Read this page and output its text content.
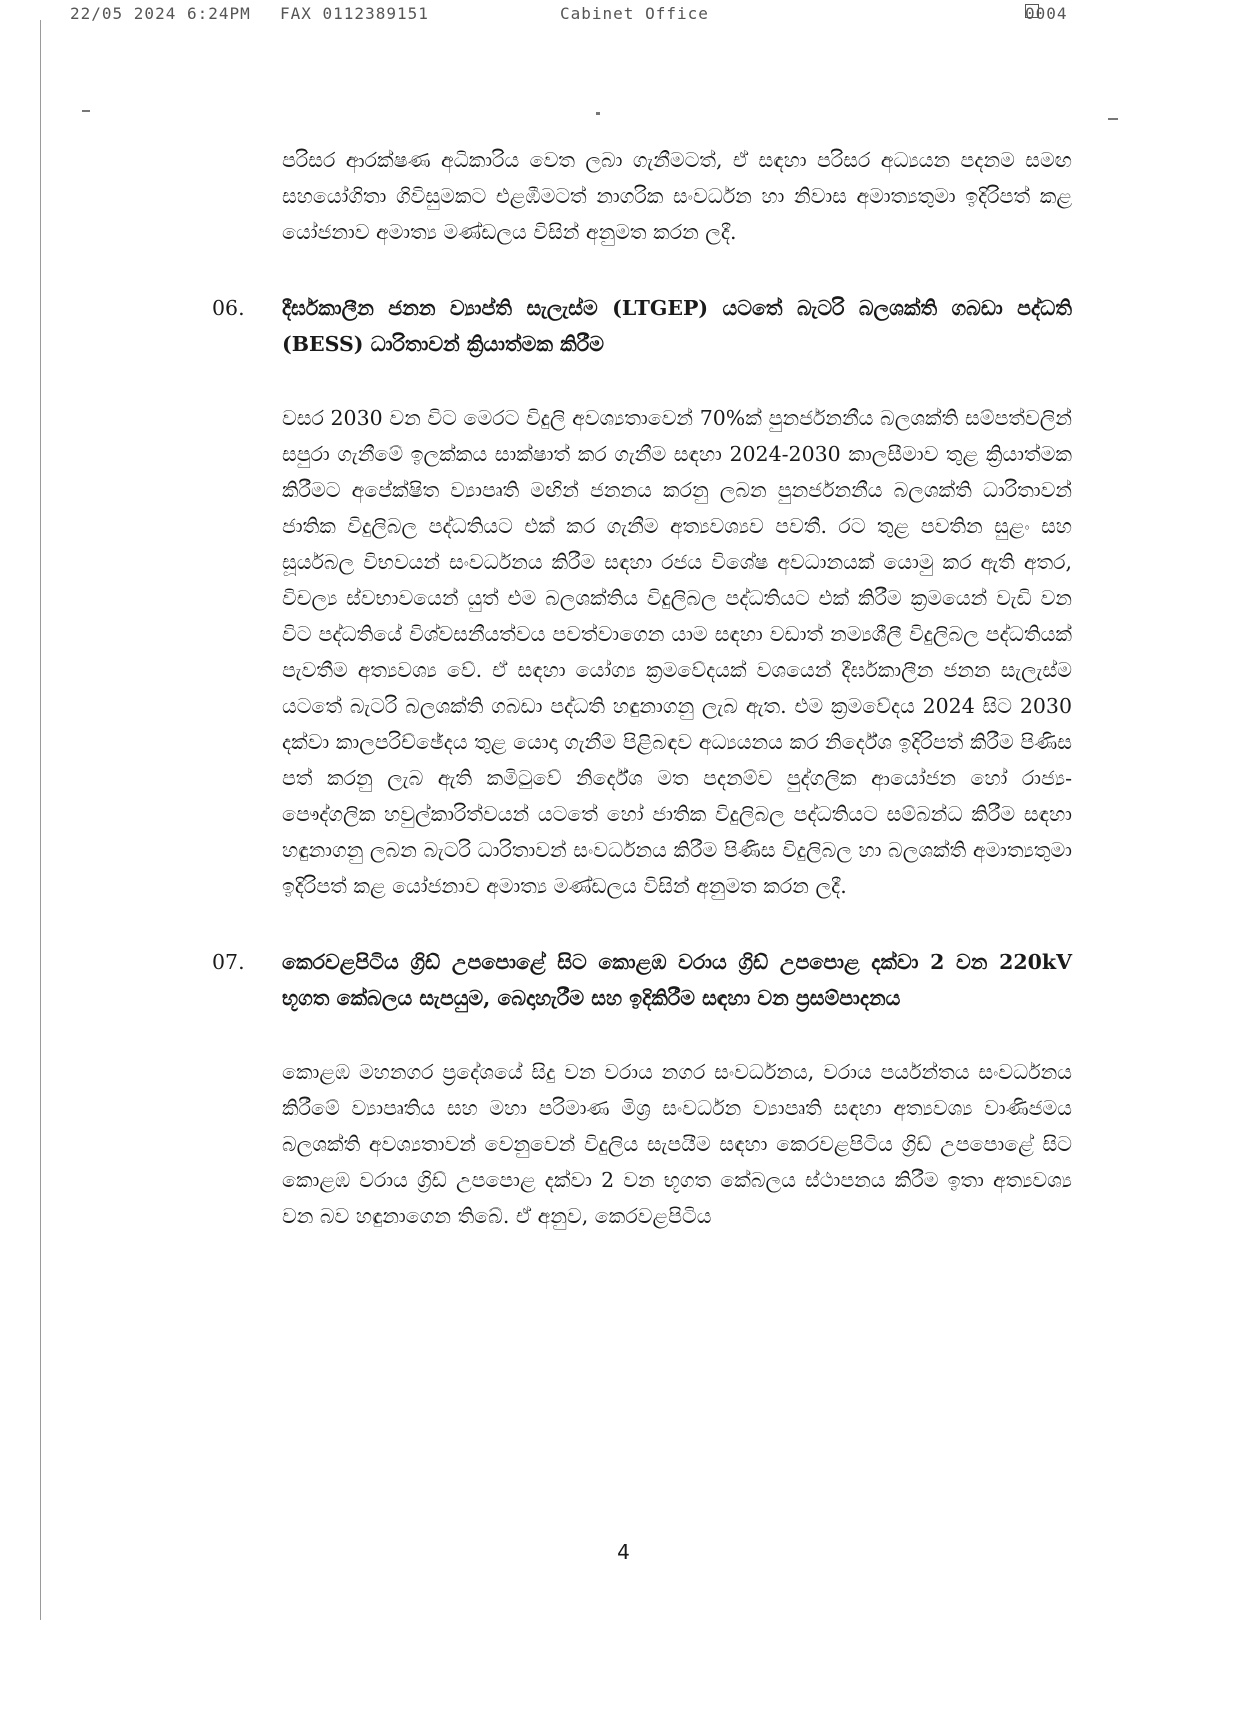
22/05 2024 6:24PM FAX 0112389151	Cabinet Office	0004

පරිසර ආරක්ෂණ අධිකාරිය වෙත ලබා ගැනීමටත්, ඒ සඳහා පරිසර අධ්‍යයන පදනම සමඟ සහයෝගිතා ගිවිසුමකට එළඹීමටත් නාගරික සංවර්ධන හා නිවාස අමාත්‍යතුමා ඉදිරිපත් කළ යෝජනාව අමාත්‍ය මණ්ඩලය විසින් අනුමත කරන ලදී.

06.	දීර්ඝකාලීන ජනන ව්‍යාප්ති සැලැස්ම (LTGEP) යටතේ බැටරි බලශක්ති ගබඩා පද්ධති (BESS) ධාරිතාවන් ක්‍රියාත්මක කිරීම

වසර 2030 වන විට මෙරට විදුලි අවශ්‍යතාවෙන් 70%ක් පුනර්ජනනීය බලශක්ති සම්පත්වලින් සපුරා ගැනීමේ ඉලක්කය සාක්ෂාත් කර ගැනීම සඳහා 2024-2030 කාලසීමාව තුළ ක්‍රියාත්මක කිරීමට අපේක්ෂිත ව්‍යාපෘති මඟින් ජනනය කරනු ලබන පුනර්ජනනීය බලශක්ති ධාරිතාවන් ජාතික විදුලිබල පද්ධතියට එක් කර ගැනීම අත්‍යවශ්‍යව පවතී. රට තුළ පවතින සුළං සහ සූර්යබල විභවයන් සංවර්ධනය කිරීම සඳහා රජය විශේෂ අවධානයක් යොමු කර ඇති අතර, විචල්‍ය ස්වභාවයෙන් යුත් එම බලශක්තිය විදුලිබල පද්ධතියට එක් කිරීම ක්‍රමයෙන් වැඩි වන විට පද්ධතියේ විශ්වසනීයත්වය පවත්වාගෙන යාම සඳහා වඩාත් නම්‍යශීලී විදුලිබල පද්ධතියක් පැවතීම අත්‍යවශ්‍ය වේ. ඒ සඳහා යෝග්‍ය ක්‍රමවේදයක් වශයෙන් දීර්ඝකාලීන ජනන සැලැස්ම යටතේ බැටරි බලශක්ති ගබඩා පද්ධති හඳුනාගනු ලැබ ඇත. එම ක්‍රමවේදය 2024 සිට 2030 දක්වා කාලපරිච්ඡේදය තුළ යොදා ගැනීම පිළිබඳව අධ්‍යයනය කර නිර්දේශ ඉදිරිපත් කිරීම පිණිස පත් කරනු ලැබ ඇති කමිටුවේ නිර්දේශ මත පදනම්ව පුද්ගලික ආයෝජන හෝ රාජ්‍ය-පෞද්ගලික හවුල්කාරිත්වයන් යටතේ හෝ ජාතික විදුලිබල පද්ධතියට සම්බන්ධ කිරීම සඳහා හඳුනාගනු ලබන බැටරි ධාරිතාවන් සංවර්ධනය කිරීම පිණිස විදුලිබල හා බලශක්ති අමාත්‍යතුමා ඉදිරිපත් කළ යෝජනාව අමාත්‍ය මණ්ඩලය විසින් අනුමත කරන ලදී.

07.	කෙරවළපිටිය ග්‍රිඩ් උපපොළේ සිට කොළඹ වරාය ග්‍රිඩ් උපපොළ දක්වා 2 වන 220kV භූගත කේබලය සැපයුම, බෙදාහැරීම සහ ඉදිකිරීම සඳහා වන ප්‍රසම්පාදනය

කොළඹ මහනගර ප්‍රදේශයේ සිදු වන වරාය නගර සංවර්ධනය, වරාය පර්යන්තය සංවර්ධනය කිරීමේ ව්‍යාපෘතිය සහ මහා පරිමාණ මිශ්‍ර සංවර්ධන ව්‍යාපෘති සඳහා අත්‍යවශ්‍ය වාණිජමය බලශක්ති අවශ්‍යතාවන් වෙනුවෙන් විදුලිය සැපයීම සඳහා කෙරවළපිටිය ග්‍රිඩ් උපපොළේ සිට කොළඹ වරාය ග්‍රිඩ් උපපොළ දක්වා 2 වන භූගත කේබලය ස්ථාපනය කිරීම ඉතා අත්‍යවශ්‍ය වන බව හඳුනාගෙන තිබේ. ඒ අනුව, කෙරවළපිටිය

4
